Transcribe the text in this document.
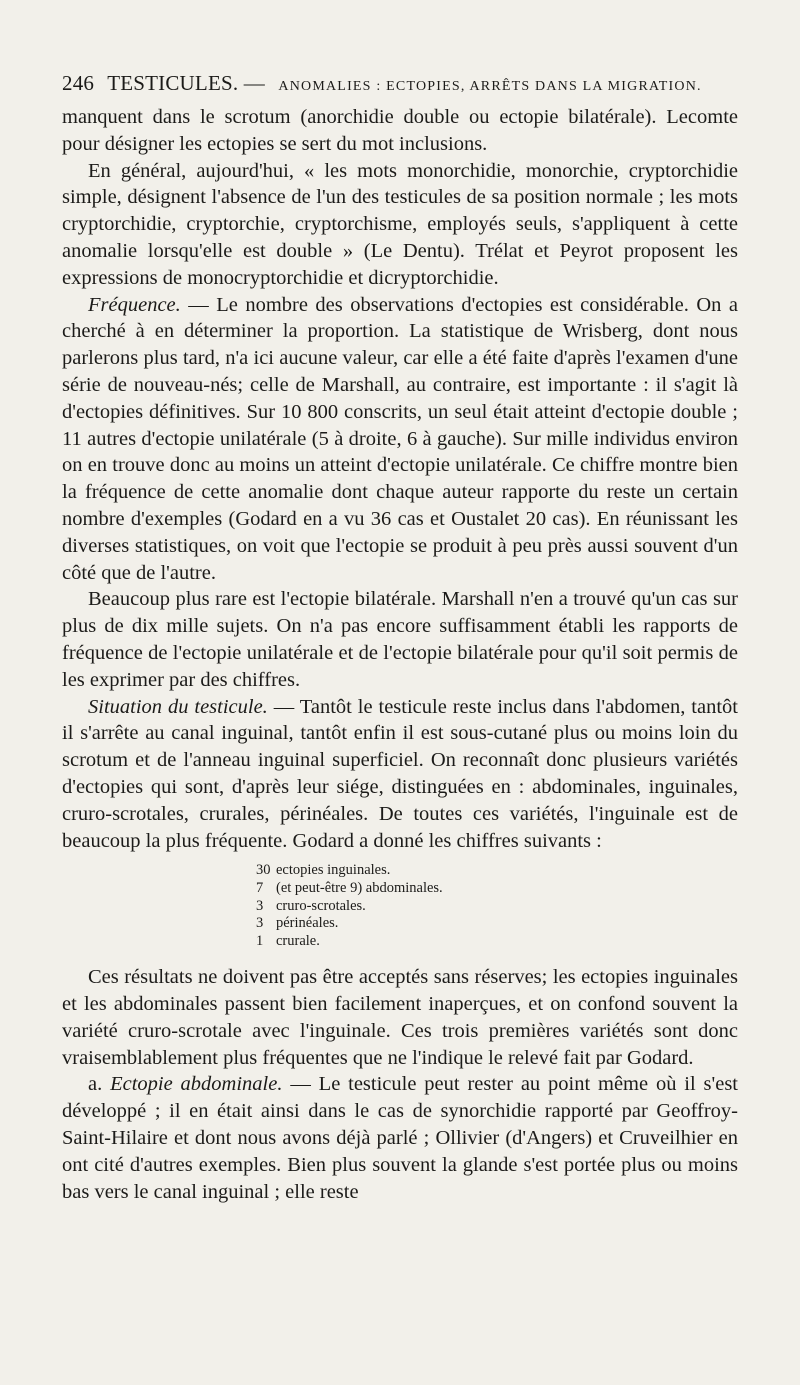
246 TESTICULES. — ANOMALIES : ECTOPIES, ARRÊTS DANS LA MIGRATION.

manquent dans le scrotum (anorchidie double ou ectopie bilatérale). Lecomte pour désigner les ectopies se sert du mot inclusions.

En général, aujourd'hui, « les mots monorchidie, monorchie, cryptorchidie simple, désignent l'absence de l'un des testicules de sa position normale ; les mots cryptorchidie, cryptorchie, cryptorchisme, employés seuls, s'appliquent à cette anomalie lorsqu'elle est double » (Le Dentu). Trélat et Peyrot proposent les expressions de monocryptorchidie et dicryptorchidie.

Fréquence. — Le nombre des observations d'ectopies est considérable. On a cherché à en déterminer la proportion. La statistique de Wrisberg, dont nous parlerons plus tard, n'a ici aucune valeur, car elle a été faite d'après l'examen d'une série de nouveau-nés; celle de Marshall, au contraire, est importante : il s'agit là d'ectopies définitives. Sur 10 800 conscrits, un seul était atteint d'ectopie double ; 11 autres d'ectopie unilatérale (5 à droite, 6 à gauche). Sur mille individus environ on en trouve donc au moins un atteint d'ectopie unilatérale. Ce chiffre montre bien la fréquence de cette anomalie dont chaque auteur rapporte du reste un certain nombre d'exemples (Godard en a vu 36 cas et Oustalet 20 cas). En réunissant les diverses statistiques, on voit que l'ectopie se produit à peu près aussi souvent d'un côté que de l'autre.

Beaucoup plus rare est l'ectopie bilatérale. Marshall n'en a trouvé qu'un cas sur plus de dix mille sujets. On n'a pas encore suffisamment établi les rapports de fréquence de l'ectopie unilatérale et de l'ectopie bilatérale pour qu'il soit permis de les exprimer par des chiffres.

Situation du testicule. — Tantôt le testicule reste inclus dans l'abdomen, tantôt il s'arrête au canal inguinal, tantôt enfin il est sous-cutané plus ou moins loin du scrotum et de l'anneau inguinal superficiel. On reconnaît donc plusieurs variétés d'ectopies qui sont, d'après leur siége, distinguées en : abdominales, inguinales, cruro-scrotales, crurales, périnéales. De toutes ces variétés, l'inguinale est de beaucoup la plus fréquente. Godard a donné les chiffres suivants :

30 ectopies inguinales.
7 (et peut-être 9) abdominales.
3 cruro-scrotales.
3 périnéales.
1 crurale.

Ces résultats ne doivent pas être acceptés sans réserves; les ectopies inguinales et les abdominales passent bien facilement inaperçues, et on confond souvent la variété cruro-scrotale avec l'inguinale. Ces trois premières variétés sont donc vraisemblablement plus fréquentes que ne l'indique le relevé fait par Godard.

a. Ectopie abdominale. — Le testicule peut rester au point même où il s'est développé ; il en était ainsi dans le cas de synorchidie rapporté par Geoffroy-Saint-Hilaire et dont nous avons déjà parlé ; Ollivier (d'Angers) et Cruveilhier en ont cité d'autres exemples. Bien plus souvent la glande s'est portée plus ou moins bas vers le canal inguinal ; elle reste
